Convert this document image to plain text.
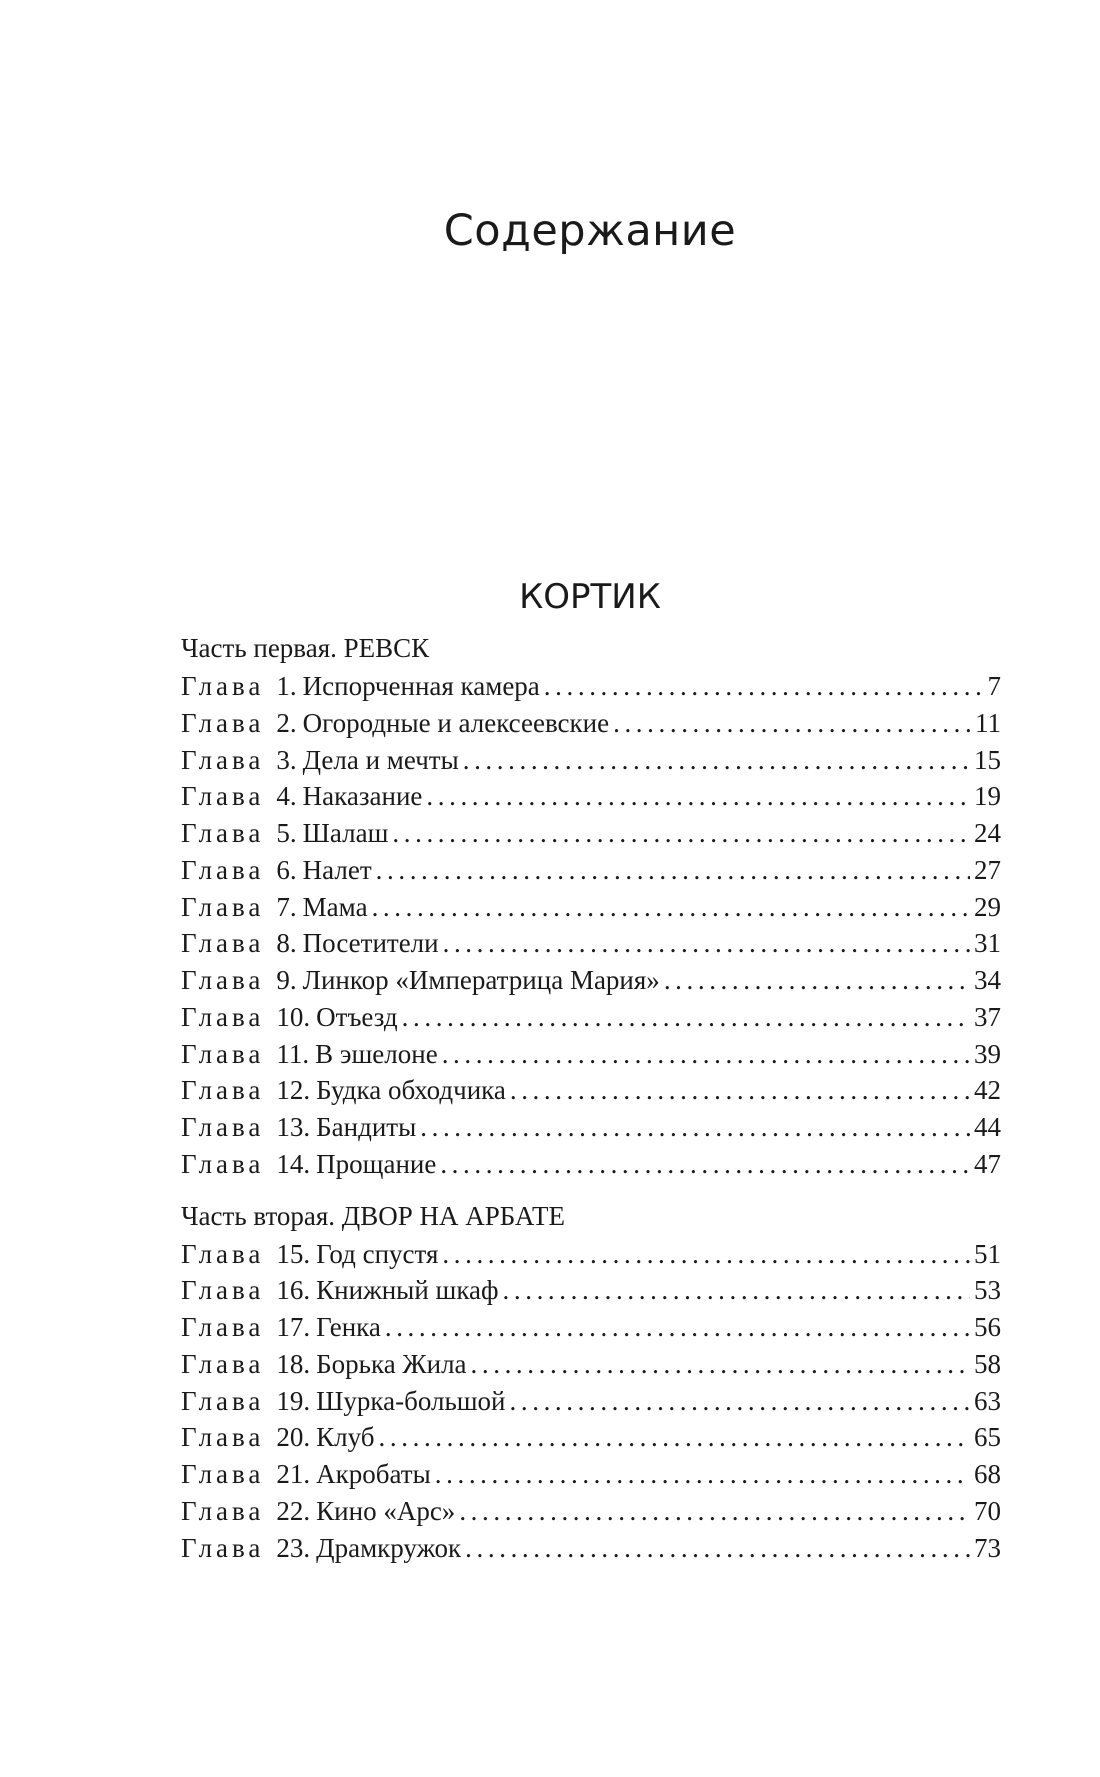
Содержание
КОРТИК
Часть первая. РЕВСК
Глава 1. Испорченная камера .....	7
Глава 2. Огородные и алексеевские .....	11
Глава 3. Дела и мечты .....	15
Глава 4. Наказание .....	19
Глава 5. Шалаш .....	24
Глава 6. Налет .....	27
Глава 7. Мама .....	29
Глава 8. Посетители .....	31
Глава 9. Линкор «Императрица Мария» .....	34
Глава 10. Отъезд .....	37
Глава 11. В эшелоне .....	39
Глава 12. Будка обходчика .....	42
Глава 13. Бандиты .....	44
Глава 14. Прощание .....	47
Часть вторая. ДВОР НА АРБАТЕ
Глава 15. Год спустя .....	51
Глава 16. Книжный шкаф .....	53
Глава 17. Генка .....	56
Глава 18. Борька Жила .....	58
Глава 19. Шурка-большой .....	63
Глава 20. Клуб .....	65
Глава 21. Акробаты .....	68
Глава 22. Кино «Арс» .....	70
Глава 23. Драмкружок .....	73
